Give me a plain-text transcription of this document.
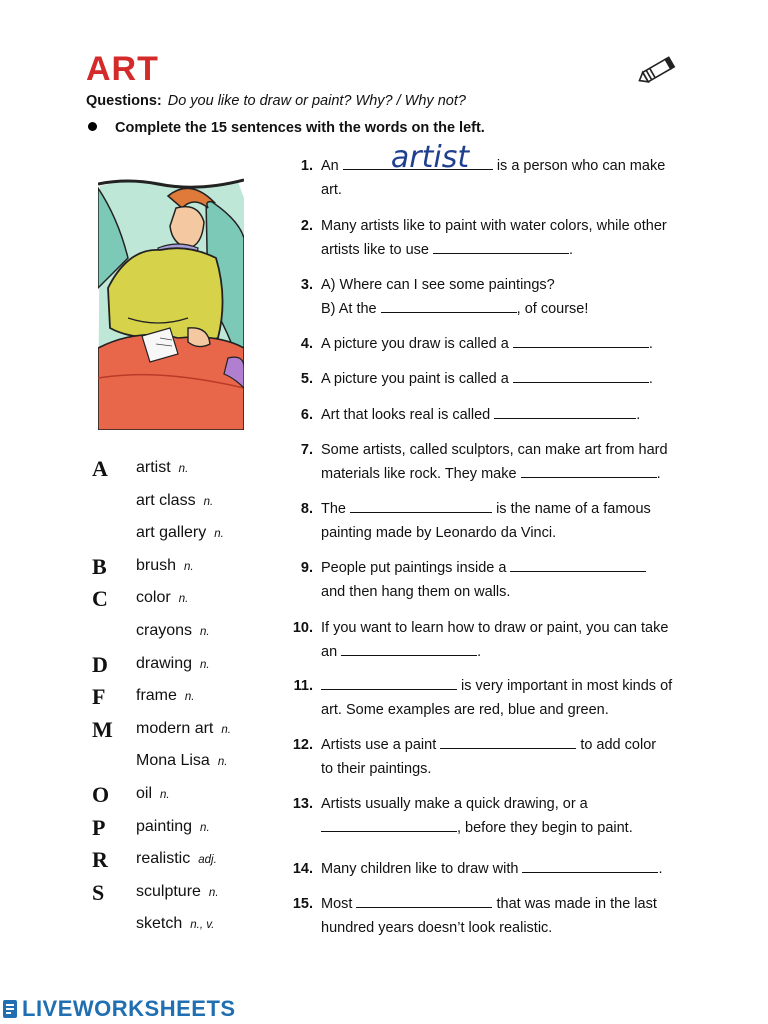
ART
Questions: Do you like to draw or paint? Why? / Why not?
Complete the 15 sentences with the words on the left.
A artist n.
art class n.
art gallery n.
B brush n.
C color n.
crayons n.
D drawing n.
F frame n.
M modern art n.
Mona Lisa n.
O oil n.
P painting n.
R realistic adj.
S sculpture n.
sketch n., v.
artist
1. An	is a person who can make
art.
2. Many artists like to paint with water colors, while other
artists like to use	.
3. A) Where can I see some paintings?
B) At the	, of course!
4. A picture you draw is called a	.
5. A picture you paint is called a	.
6. Art that looks real is called	.
7. Some artists, called sculptors, can make art from hard
materials like rock. They make	.
8. The	is the name of a famous
painting made by Leonardo da Vinci.
9. People put paintings inside a
and then hang them on walls.
10. If you want to learn how to draw or paint, you can take
an	.
11.	is very important in most kinds of
art. Some examples are red, blue and green.
12. Artists use a paint	to add color
to their paintings.
13. Artists usually make a quick drawing, or a
, before they begin to paint.
14. Many children like to draw with	.
15. Most	that was made in the last
hundred years doesn’t look realistic.
LIVEWORKSHEETS
